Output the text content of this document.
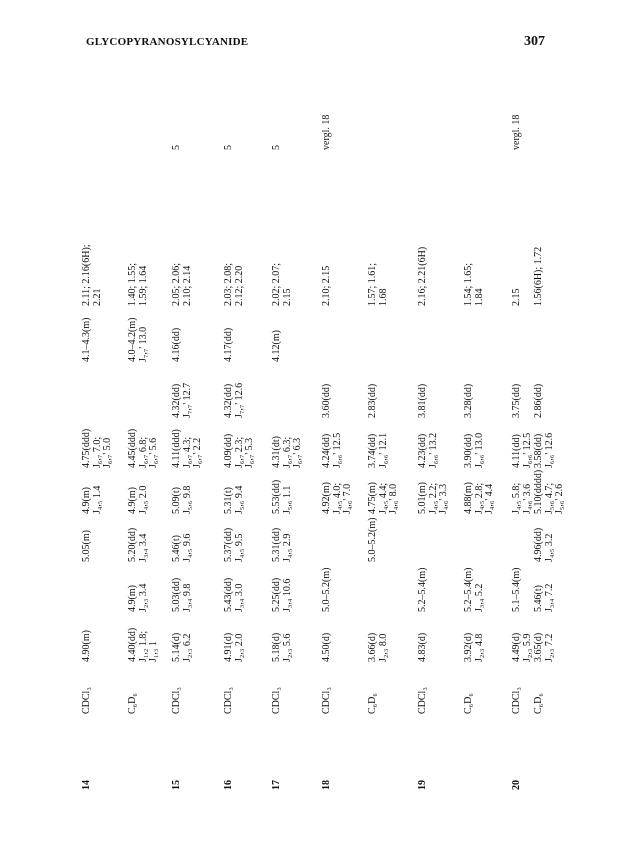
GLYCOPYRANOSYLCYANIDE	307
14
CDCl₃
4.90(m)
5.05(m)
4.9(m) J₄,₅ 1.4
4.75(ddd) J₆,₇ 7.0; J₆,₇' 5.0
4.1–4.3(m)
2.11; 2.16(6H); 2.21
C₆D₆
4.40(dd) J₁,₂ 1.8; J₁,₃ 1
4.9(m) J₂,₃ 3.4
5.20(dd) J₃,₄ 3.4
4.9(m) J₄,₅ 2.0
4.45(ddd) J₆,₇ 6.8; J₆,₇' 5.6
4.0–4.2(m) J₇,₇' 13.0
1.40; 1.55; 1.59; 1.64
15
CDCl₃
5.14(d) J₂,₃ 6.2
5.03(dd) J₃,₄ 9.8
5.46(t) J₄,₅ 9.6
5.09(t) J₅,₆ 9.8
4.11(ddd) J₆,₇ 4.3; J₆,₇' 2.2
4.32(dd) J₇,₇' 12.7
4.16(dd)
2.05; 2.06; 2.10; 2.14
5
16
CDCl₃
4.91(d) J₂,₃ 2.0
5.43(dd) J₃,₄ 3.0
5.37(dd) J₄,₅ 9.5
5.31(t) J₅,₆ 9.4
4.09(dd) J₆,₇ 2.3; J₆,₇' 5.3
4.32(dd) J₇,₇' 12.6
4.17(dd)
2.03; 2.08; 2.12; 2.20
5
17
CDCl₃
5.18(d) J₂,₃ 5.6
5.25(dd) J₃,₄ 10.6
5.31(dd) J₄,₅ 2.9
5.53(dd) J₅,₆ 1.1
4.31(dt) J₆,₇ 6.3; J₆,₇' 6.3
4.12(m)
2.02; 2.07; 2.15
5
18
CDCl₃
4.50(d)
5.0–5.2(m)
4.92(m) J₄,₅ 4.0; J₄,₆' 7.0
4.24(dd) J₆,₆' 12.5
3.60(dd)
2.10; 2.15
vergl. 18
C₆D₆
3.66(d) J₂,₃ 8.0
5.0–5.2(m)
4.75(m) J₄,₅ 4.4; J₄,₆' 8.0
3.74(dd) J₆,₆' 12.1
2.83(dd)
1.57; 1.61; 1.68
19
CDCl₃
4.83(d)
5.2–5.4(m)
5.01(m) J₄,₅ 2.2; J₄,₆' 3.3
4.23(dd) J₆,₆' 13.2
3.81(dd)
2.16; 2.21(6H)
C₆D₆
3.92(d) J₂,₃ 4.8
5.2–5.4(m) J₃,₄ 5.2
4.88(m) J₄,₅ 2.8; J₄,₆' 4.4
3.90(dd) J₆,₆' 13.0
3.28(dd)
1.54; 1.65; 1.84
20
CDCl₃
4.49(d) J₂,₃ 5.9
5.1–5.4(m)
J₄,₅ 5.8; J₄,₆' 3.6
4.11(dd) J₆,₆' 12.5
3.75(dd)
2.15
vergl. 18
C₆D₆
3.65(d) J₂,₃ 7.2
5.46(t) J₃,₄ 7.2
4.96(dd) J₄,₅ 3.2
5.10(dddd) J₅,₆ 4.7; J₅,₆' 2.6
3.58(dd) J₆,₆' 12.6
2.86(dd)
1.56(6H); 1.72
